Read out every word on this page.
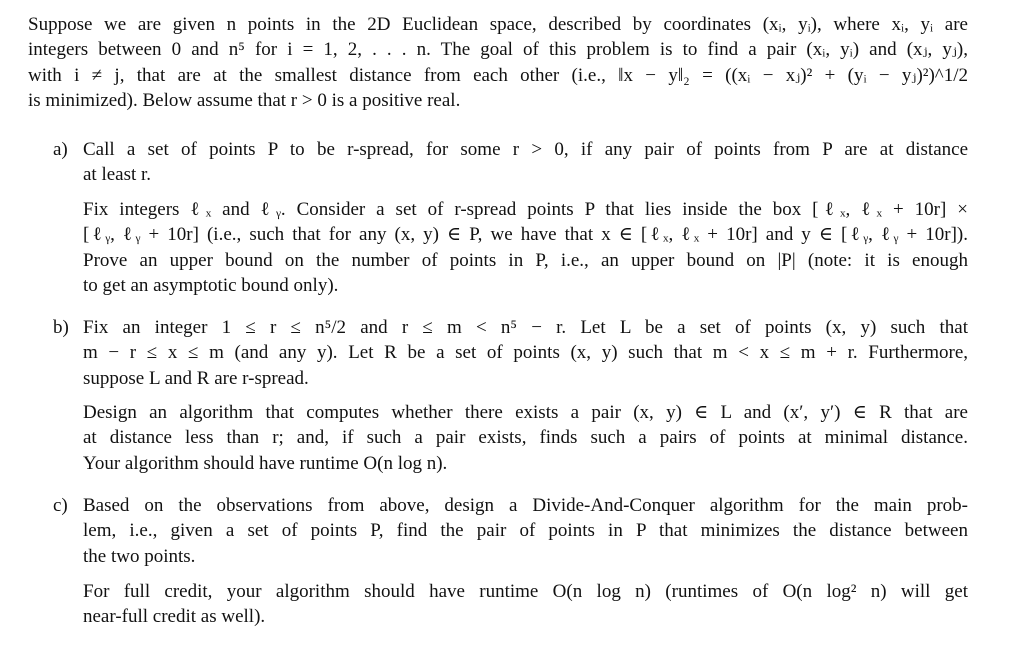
Suppose we are given n points in the 2D Euclidean space, described by coordinates (xᵢ, yᵢ), where xᵢ, yᵢ are
integers between 0 and n⁵ for i = 1, 2, . . . n. The goal of this problem is to find a pair (xᵢ, yᵢ) and (xⱼ, yⱼ),
with i ≠ j, that are at the smallest distance from each other (i.e., ‖x − y‖₂ = ((xᵢ − xⱼ)² + (yᵢ − yⱼ)²)^1/2
is minimized). Below assume that r > 0 is a positive real.
a) Call a set of points P to be r-spread, for some r > 0, if any pair of points from P are at distance
at least r.
Fix integers ℓₓ and ℓᵧ. Consider a set of r-spread points P that lies inside the box [ℓₓ, ℓₓ + 10r] ×
[ℓᵧ, ℓᵧ + 10r] (i.e., such that for any (x, y) ∈ P, we have that x ∈ [ℓₓ, ℓₓ + 10r] and y ∈ [ℓᵧ, ℓᵧ + 10r]).
Prove an upper bound on the number of points in P, i.e., an upper bound on |P| (note: it is enough
to get an asymptotic bound only).
b) Fix an integer 1 ≤ r ≤ n⁵/2 and r ≤ m < n⁵ − r. Let L be a set of points (x, y) such that
m − r ≤ x ≤ m (and any y). Let R be a set of points (x, y) such that m < x ≤ m + r. Furthermore,
suppose L and R are r-spread.
Design an algorithm that computes whether there exists a pair (x, y) ∈ L and (x′, y′) ∈ R that are
at distance less than r; and, if such a pair exists, finds such a pairs of points at minimal distance.
Your algorithm should have runtime O(n log n).
c) Based on the observations from above, design a Divide-And-Conquer algorithm for the main prob-
lem, i.e., given a set of points P, find the pair of points in P that minimizes the distance between
the two points.
For full credit, your algorithm should have runtime O(n log n) (runtimes of O(n log² n) will get
near-full credit as well).
